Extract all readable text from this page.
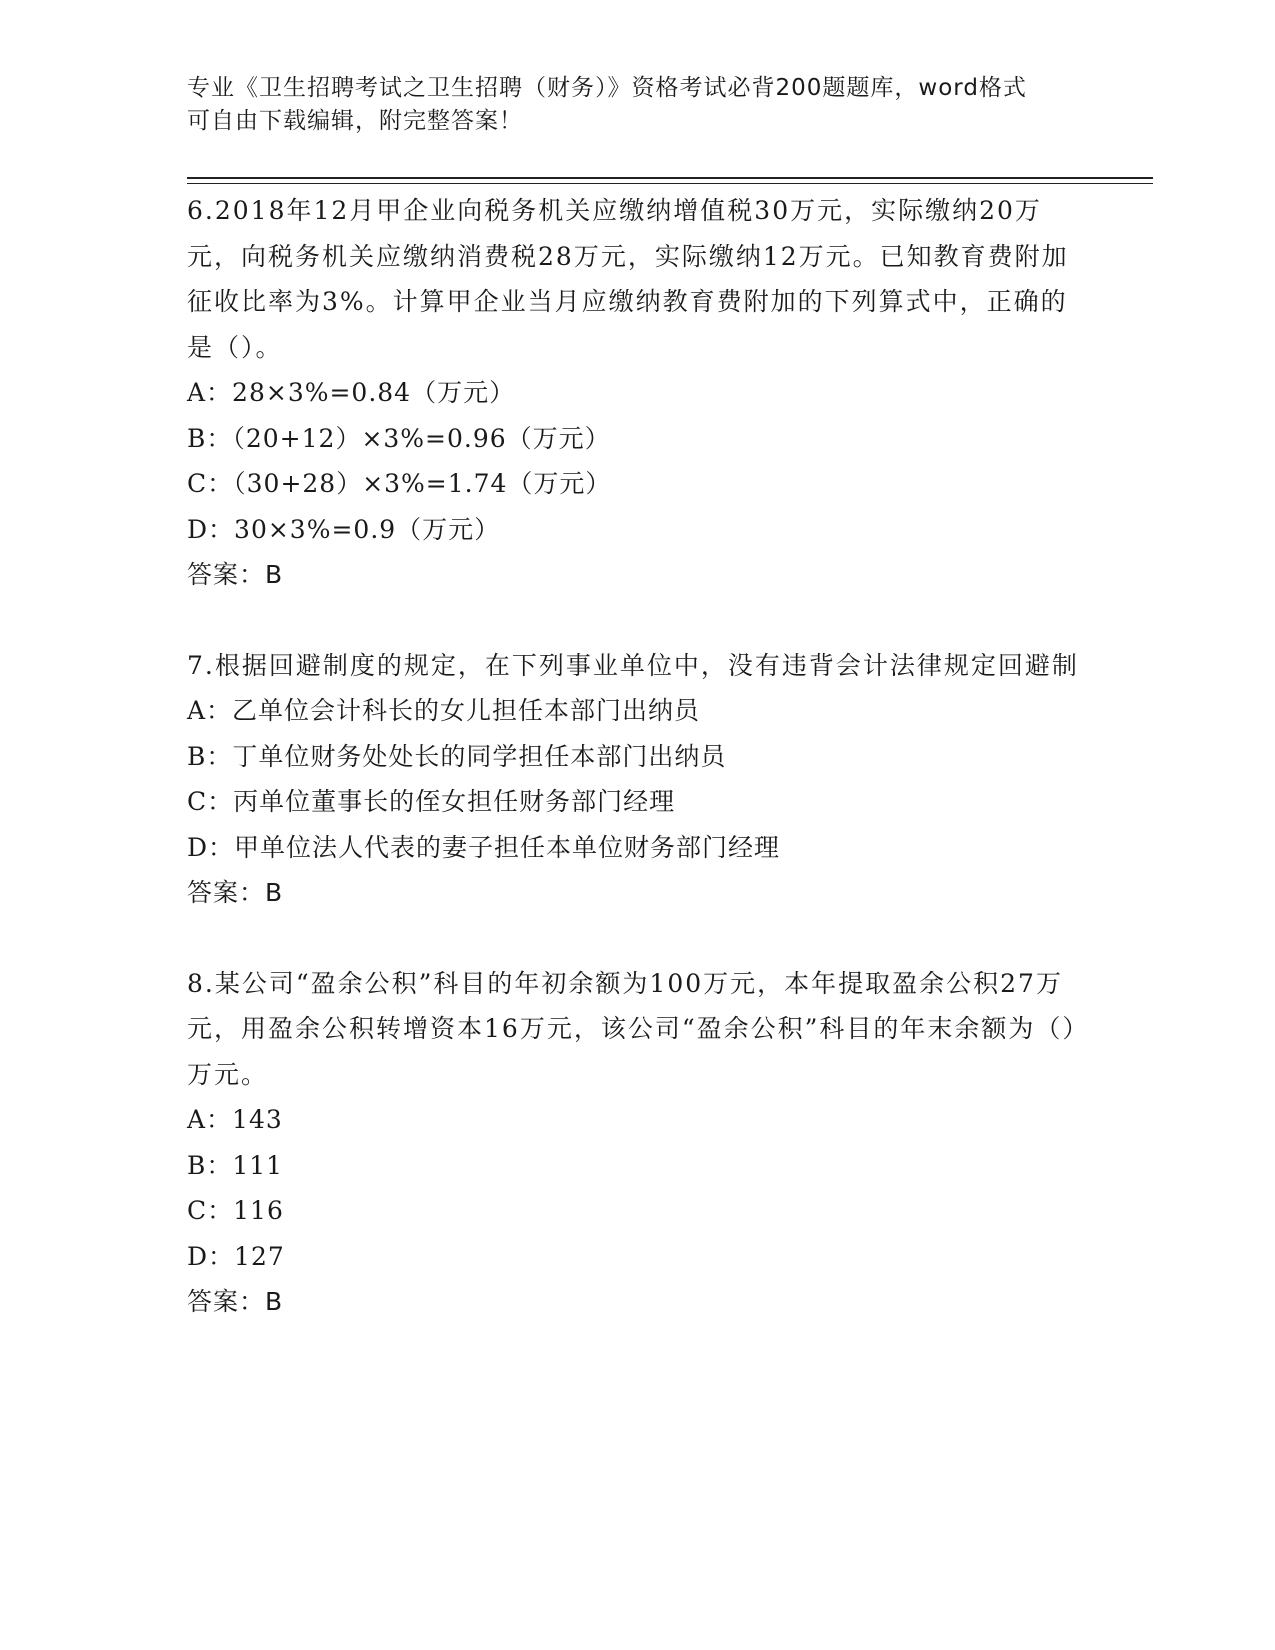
专业《卫生招聘考试之卫生招聘（财务）》资格考试必背200题题库，word格式
可自由下载编辑，附完整答案！
6.2018年12月甲企业向税务机关应缴纳增值税30万元，实际缴纳20万元，向税务机关应缴纳消费税28万元，实际缴纳12万元。已知教育费附加征收比率为3%。计算甲企业当月应缴纳教育费附加的下列算式中，正确的是（）。
A：28×3%=0.84（万元）
B：（20+12）×3%=0.96（万元）
C：（30+28）×3%=1.74（万元）
D：30×3%=0.9（万元）
答案：B
7.根据回避制度的规定，在下列事业单位中，没有违背会计法律规定回避制
A：乙单位会计科长的女儿担任本部门出纳员
B：丁单位财务处处长的同学担任本部门出纳员
C：丙单位董事长的侄女担任财务部门经理
D：甲单位法人代表的妻子担任本单位财务部门经理
答案：B
8.某公司“盈余公积”科目的年初余额为100万元，本年提取盈余公积27万元，用盈余公积转增资本16万元，该公司“盈余公积”科目的年末余额为（）万元。
A：143
B：111
C：116
D：127
答案：B
